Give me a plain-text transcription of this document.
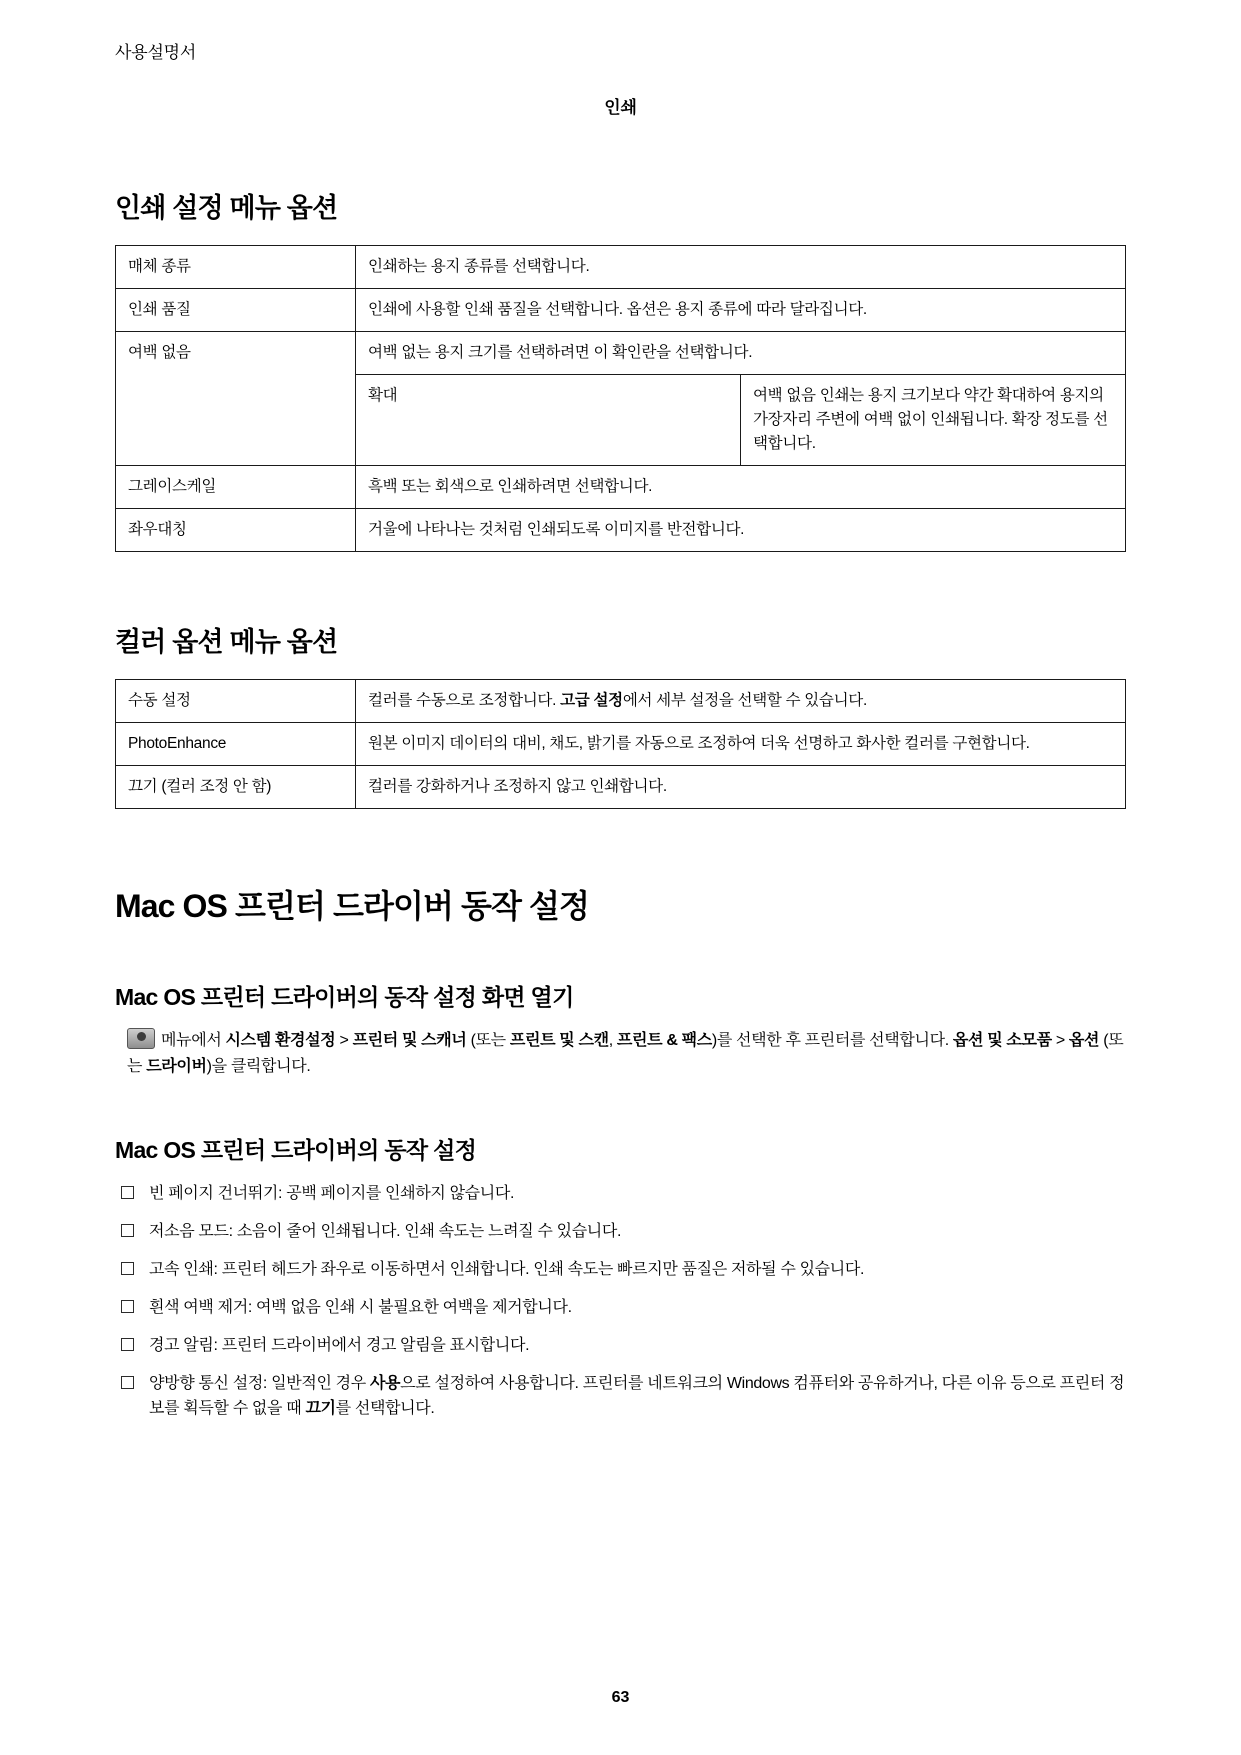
사용설명서
인쇄
인쇄 설정 메뉴 옵션
매체 종류	인쇄하는 용지 종류를 선택합니다.	
인쇄 품질	인쇄에 사용할 인쇄 품질을 선택합니다. 옵션은 용지 종류에 따라 달라집니다.	
여백 없음	여백 없는 용지 크기를 선택하려면 이 확인란을 선택합니다.	
	확대	여백 없음 인쇄는 용지 크기보다 약간 확대하여 용지의 가장자리 주변에 여백 없이 인쇄됩니다. 확장 정도를 선택합니다.
그레이스케일	흑백 또는 회색으로 인쇄하려면 선택합니다.	
좌우대칭	거울에 나타나는 것처럼 인쇄되도록 이미지를 반전합니다.	
컬러 옵션 메뉴 옵션
수동 설정	컬러를 수동으로 조정합니다. 고급 설정에서 세부 설정을 선택할 수 있습니다.
PhotoEnhance	원본 이미지 데이터의 대비, 채도, 밝기를 자동으로 조정하여 더욱 선명하고 화사한 컬러를 구현합니다.
끄기 (컬러 조정 안 함)	컬러를 강화하거나 조정하지 않고 인쇄합니다.
Mac OS 프린터 드라이버 동작 설정
Mac OS 프린터 드라이버의 동작 설정 화면 열기
메뉴에서 시스템 환경설정 > 프린터 및 스캐너 (또는 프린트 및 스캔, 프린트 & 팩스)를 선택한 후 프린터를 선택합니다. 옵션 및 소모품 > 옵션 (또는 드라이버)을 클릭합니다.
Mac OS 프린터 드라이버의 동작 설정
빈 페이지 건너뛰기: 공백 페이지를 인쇄하지 않습니다.
저소음 모드: 소음이 줄어 인쇄됩니다. 인쇄 속도는 느려질 수 있습니다.
고속 인쇄: 프린터 헤드가 좌우로 이동하면서 인쇄합니다. 인쇄 속도는 빠르지만 품질은 저하될 수 있습니다.
흰색 여백 제거: 여백 없음 인쇄 시 불필요한 여백을 제거합니다.
경고 알림: 프린터 드라이버에서 경고 알림을 표시합니다.
양방향 통신 설정: 일반적인 경우 사용으로 설정하여 사용합니다. 프린터를 네트워크의 Windows 컴퓨터와 공유하거나, 다른 이유 등으로 프린터 정보를 획득할 수 없을 때 끄기를 선택합니다.
63
